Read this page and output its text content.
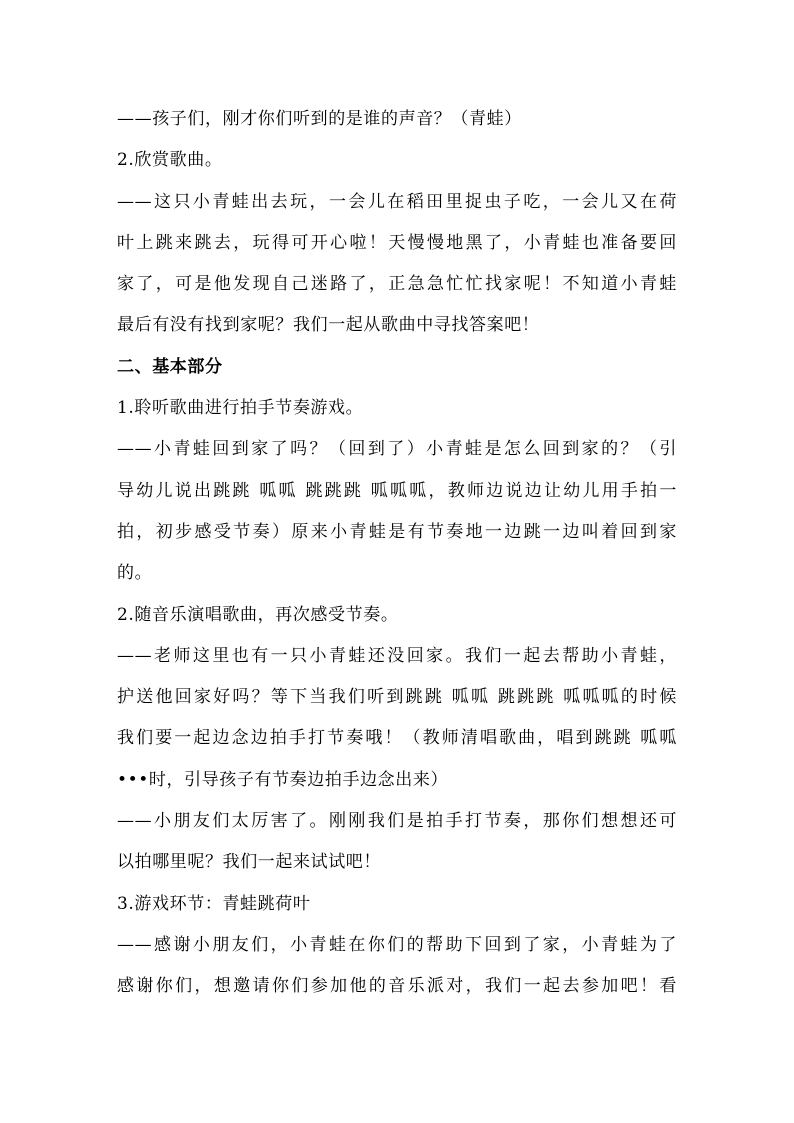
——孩子们，刚才你们听到的是谁的声音？（青蛙）
2.欣赏歌曲。
——这只小青蛙出去玩，一会儿在稻田里捉虫子吃，一会儿又在荷
叶上跳来跳去，玩得可开心啦！天慢慢地黑了，小青蛙也准备要回
家了，可是他发现自己迷路了，正急急忙忙找家呢！不知道小青蛙
最后有没有找到家呢？我们一起从歌曲中寻找答案吧！
二、基本部分
1.聆听歌曲进行拍手节奏游戏。
——小青蛙回到家了吗？（回到了）小青蛙是怎么回到家的？（引
导幼儿说出跳跳 呱呱 跳跳跳 呱呱呱，教师边说边让幼儿用手拍一
拍，初步感受节奏）原来小青蛙是有节奏地一边跳一边叫着回到家
的。
2.随音乐演唱歌曲，再次感受节奏。
——老师这里也有一只小青蛙还没回家。我们一起去帮助小青蛙，
护送他回家好吗？等下当我们听到跳跳 呱呱 跳跳跳 呱呱呱的时候
我们要一起边念边拍手打节奏哦！（教师清唱歌曲，唱到跳跳 呱呱
•••时，引导孩子有节奏边拍手边念出来）
——小朋友们太厉害了。刚刚我们是拍手打节奏，那你们想想还可
以拍哪里呢？我们一起来试试吧！
3.游戏环节：青蛙跳荷叶
——感谢小朋友们，小青蛙在你们的帮助下回到了家，小青蛙为了
感谢你们，想邀请你们参加他的音乐派对，我们一起去参加吧！看
